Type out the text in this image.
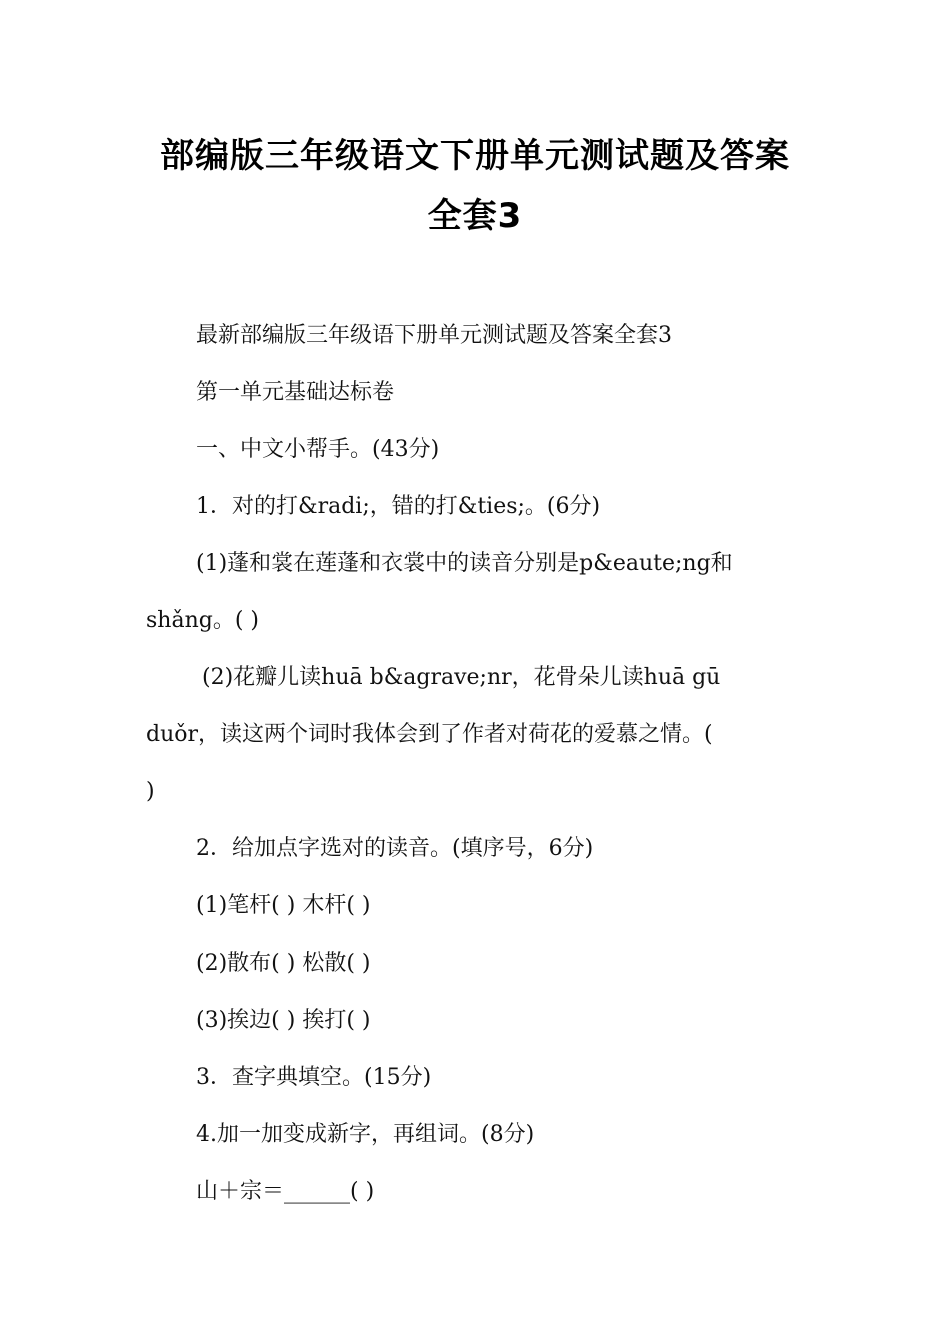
部编版三年级语文下册单元测试题及答案
全套3
最新部编版三年级语下册单元测试题及答案全套3
第一单元基础达标卷
一、中文小帮手。(43分)
1．对的打&radi;，错的打&ties;。(6分)
(1)蓬和裳在莲蓬和衣裳中的读音分别是p&eaute;ng和
shǎng。( )
(2)花瓣儿读huā b&agrave;nr，花骨朵儿读huā gū
duǒr，读这两个词时我体会到了作者对荷花的爱慕之情。(
)
2．给加点字选对的读音。(填序号，6分)
(1)笔杆( ) 木杆( )
(2)散布( ) 松散( )
(3)挨边( ) 挨打( )
3．查字典填空。(15分)
4.加一加变成新字，再组词。(8分)
山＋宗＝______( )
